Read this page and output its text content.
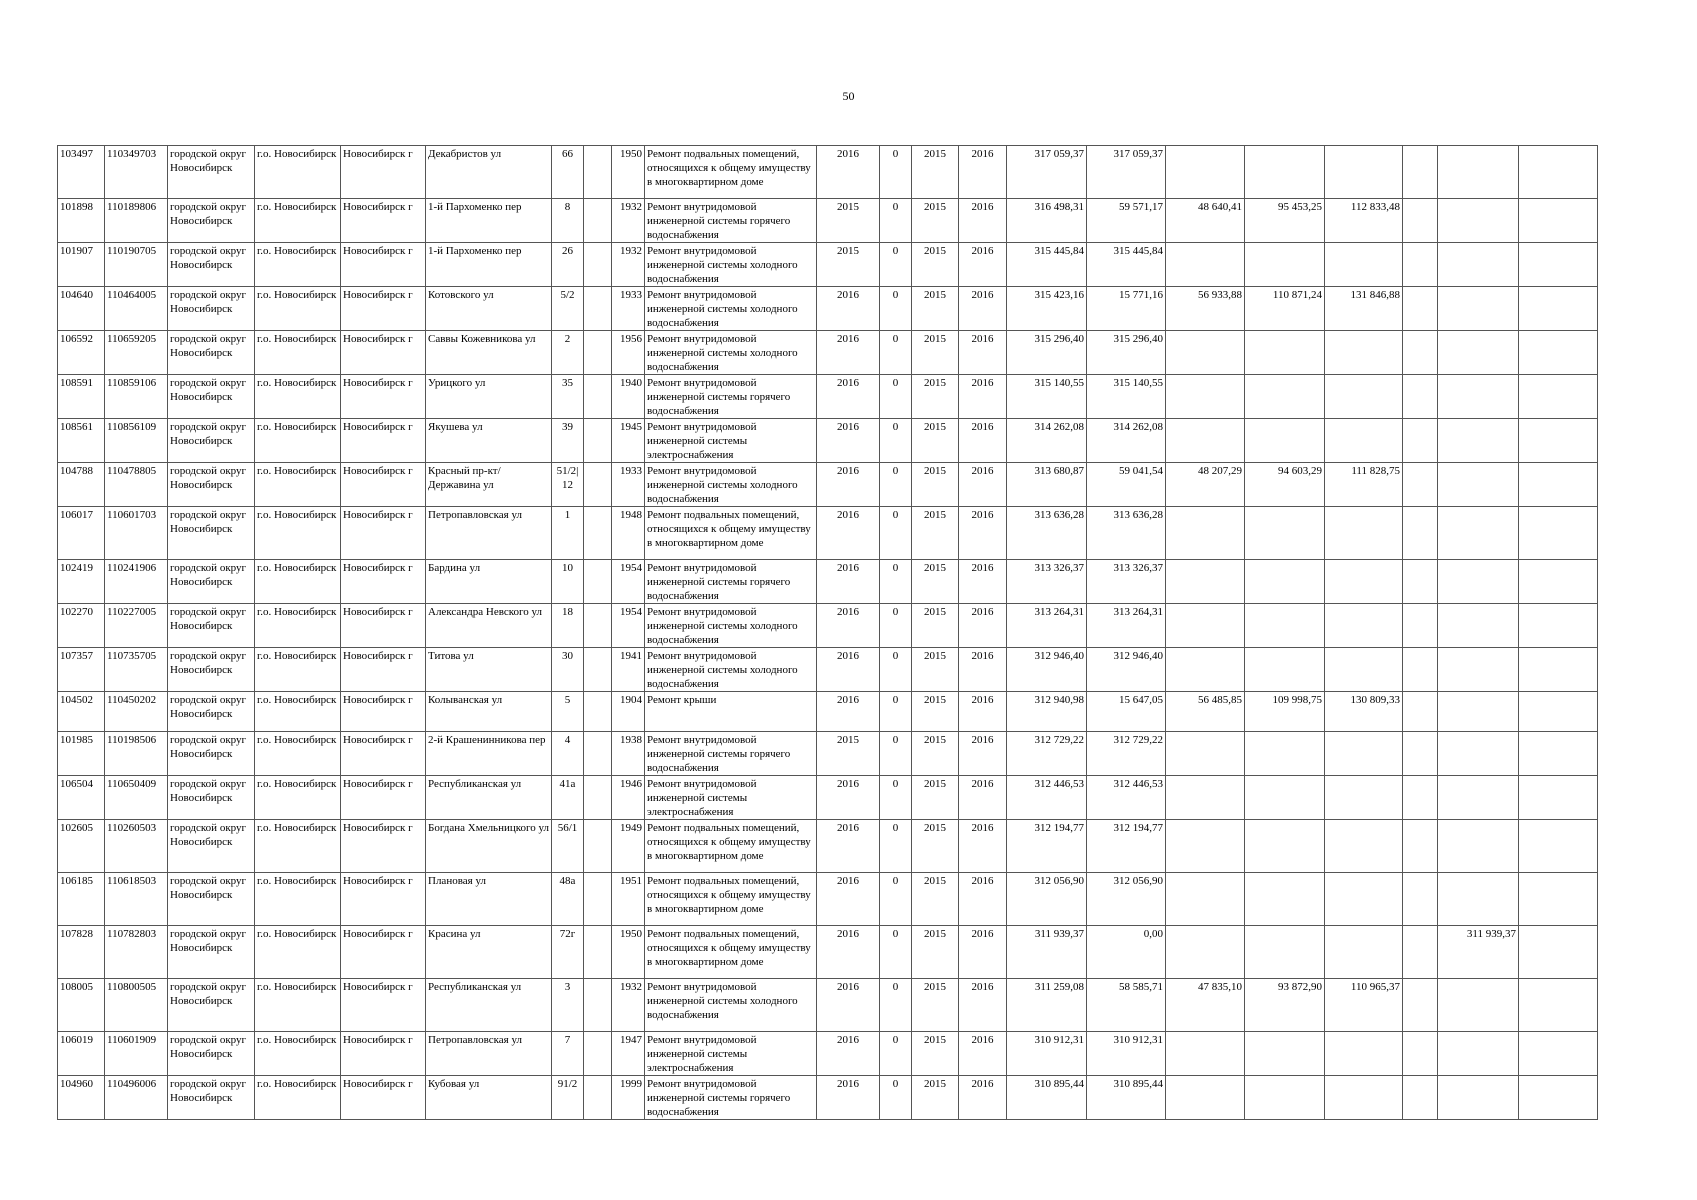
50
103497	110349703	городской округ Новосибирск	г.о. Новосибирск	Новосибирск г	Декабристов ул	66		1950	Ремонт подвальных помещений, относящихся к общему имуществу в многоквартирном доме	2016	0	2015	2016	317 059,37	317 059,37						
101898	110189806	городской округ Новосибирск	г.о. Новосибирск	Новосибирск г	1-й Пархоменко пер	8		1932	Ремонт внутридомовой инженерной системы горячего водоснабжения	2015	0	2015	2016	316 498,31	59 571,17	48 640,41	95 453,25	112 833,48			
101907	110190705	городской округ Новосибирск	г.о. Новосибирск	Новосибирск г	1-й Пархоменко пер	26		1932	Ремонт внутридомовой инженерной системы холодного водоснабжения	2015	0	2015	2016	315 445,84	315 445,84						
104640	110464005	городской округ Новосибирск	г.о. Новосибирск	Новосибирск г	Котовского ул	5/2		1933	Ремонт внутридомовой инженерной системы холодного водоснабжения	2016	0	2015	2016	315 423,16	15 771,16	56 933,88	110 871,24	131 846,88			
106592	110659205	городской округ Новосибирск	г.о. Новосибирск	Новосибирск г	Саввы Кожевникова ул	2		1956	Ремонт внутридомовой инженерной системы холодного водоснабжения	2016	0	2015	2016	315 296,40	315 296,40						
108591	110859106	городской округ Новосибирск	г.о. Новосибирск	Новосибирск г	Урицкого ул	35		1940	Ремонт внутридомовой инженерной системы горячего водоснабжения	2016	0	2015	2016	315 140,55	315 140,55						
108561	110856109	городской округ Новосибирск	г.о. Новосибирск	Новосибирск г	Якушева ул	39		1945	Ремонт внутридомовой инженерной системы электроснабжения	2016	0	2015	2016	314 262,08	314 262,08						
104788	110478805	городской округ Новосибирск	г.о. Новосибирск	Новосибирск г	Красный пр-кт/Державина ул	51/2| 12		1933	Ремонт внутридомовой инженерной системы холодного водоснабжения	2016	0	2015	2016	313 680,87	59 041,54	48 207,29	94 603,29	111 828,75			
106017	110601703	городской округ Новосибирск	г.о. Новосибирск	Новосибирск г	Петропавловская ул	1		1948	Ремонт подвальных помещений, относящихся к общему имуществу в многоквартирном доме	2016	0	2015	2016	313 636,28	313 636,28						
102419	110241906	городской округ Новосибирск	г.о. Новосибирск	Новосибирск г	Бардина ул	10		1954	Ремонт внутридомовой инженерной системы горячего водоснабжения	2016	0	2015	2016	313 326,37	313 326,37						
102270	110227005	городской округ Новосибирск	г.о. Новосибирск	Новосибирск г	Александра Невского ул	18		1954	Ремонт внутридомовой инженерной системы холодного водоснабжения	2016	0	2015	2016	313 264,31	313 264,31						
107357	110735705	городской округ Новосибирск	г.о. Новосибирск	Новосибирск г	Титова ул	30		1941	Ремонт внутридомовой инженерной системы холодного водоснабжения	2016	0	2015	2016	312 946,40	312 946,40						
104502	110450202	городской округ Новосибирск	г.о. Новосибирск	Новосибирск г	Колыванская ул	5		1904	Ремонт крыши	2016	0	2015	2016	312 940,98	15 647,05	56 485,85	109 998,75	130 809,33			
101985	110198506	городской округ Новосибирск	г.о. Новосибирск	Новосибирск г	2-й Крашенинникова пер	4		1938	Ремонт внутридомовой инженерной системы горячего водоснабжения	2015	0	2015	2016	312 729,22	312 729,22						
106504	110650409	городской округ Новосибирск	г.о. Новосибирск	Новосибирск г	Республиканская ул	41а		1946	Ремонт внутридомовой инженерной системы электроснабжения	2016	0	2015	2016	312 446,53	312 446,53						
102605	110260503	городской округ Новосибирск	г.о. Новосибирск	Новосибирск г	Богдана Хмельницкого ул	56/1		1949	Ремонт подвальных помещений, относящихся к общему имуществу в многоквартирном доме	2016	0	2015	2016	312 194,77	312 194,77						
106185	110618503	городской округ Новосибирск	г.о. Новосибирск	Новосибирск г	Плановая ул	48а		1951	Ремонт подвальных помещений, относящихся к общему имуществу в многоквартирном доме	2016	0	2015	2016	312 056,90	312 056,90						
107828	110782803	городской округ Новосибирск	г.о. Новосибирск	Новосибирск г	Красина ул	72г		1950	Ремонт подвальных помещений, относящихся к общему имуществу в многоквартирном доме	2016	0	2015	2016	311 939,37	0,00					311 939,37	
108005	110800505	городской округ Новосибирск	г.о. Новосибирск	Новосибирск г	Республиканская ул	3		1932	Ремонт внутридомовой инженерной системы холодного водоснабжения	2016	0	2015	2016	311 259,08	58 585,71	47 835,10	93 872,90	110 965,37			
106019	110601909	городской округ Новосибирск	г.о. Новосибирск	Новосибирск г	Петропавловская ул	7		1947	Ремонт внутридомовой инженерной системы электроснабжения	2016	0	2015	2016	310 912,31	310 912,31						
104960	110496006	городской округ Новосибирск	г.о. Новосибирск	Новосибирск г	Кубовая ул	91/2		1999	Ремонт внутридомовой инженерной системы горячего водоснабжения	2016	0	2015	2016	310 895,44	310 895,44						
